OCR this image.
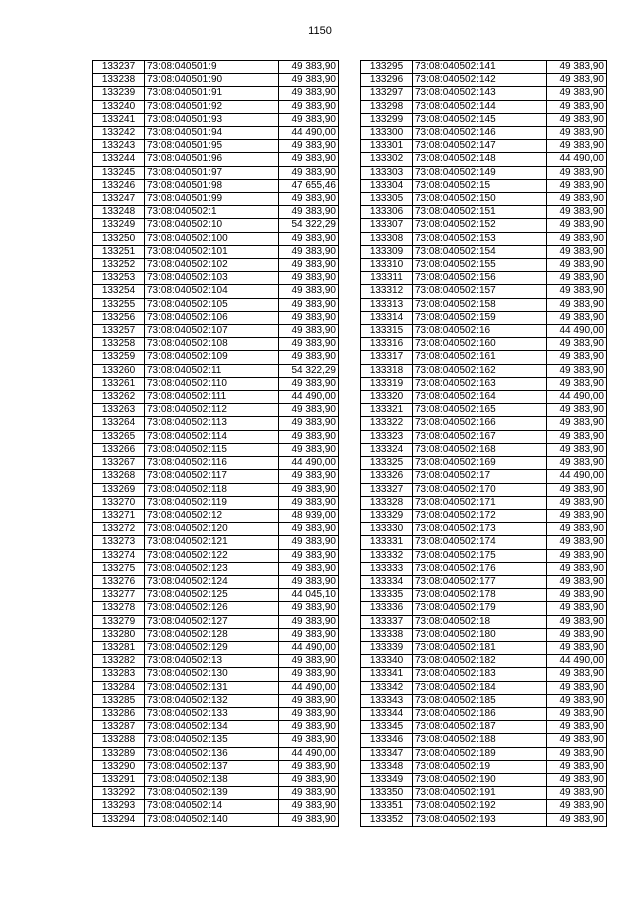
1150
133237	73:08:040501:9	49 383,90
133238	73:08:040501:90	49 383,90
133239	73:08:040501:91	49 383,90
133240	73:08:040501:92	49 383,90
133241	73:08:040501:93	49 383,90
133242	73:08:040501:94	44 490,00
133243	73:08:040501:95	49 383,90
133244	73:08:040501:96	49 383,90
133245	73:08:040501:97	49 383,90
133246	73:08:040501:98	47 655,46
133247	73:08:040501:99	49 383,90
133248	73:08:040502:1	49 383,90
133249	73:08:040502:10	54 322,29
133250	73:08:040502:100	49 383,90
133251	73:08:040502:101	49 383,90
133252	73:08:040502:102	49 383,90
133253	73:08:040502:103	49 383,90
133254	73:08:040502:104	49 383,90
133255	73:08:040502:105	49 383,90
133256	73:08:040502:106	49 383,90
133257	73:08:040502:107	49 383,90
133258	73:08:040502:108	49 383,90
133259	73:08:040502:109	49 383,90
133260	73:08:040502:11	54 322,29
133261	73:08:040502:110	49 383,90
133262	73:08:040502:111	44 490,00
133263	73:08:040502:112	49 383,90
133264	73:08:040502:113	49 383,90
133265	73:08:040502:114	49 383,90
133266	73:08:040502:115	49 383,90
133267	73:08:040502:116	44 490,00
133268	73:08:040502:117	49 383,90
133269	73:08:040502:118	49 383,90
133270	73:08:040502:119	49 383,90
133271	73:08:040502:12	48 939,00
133272	73:08:040502:120	49 383,90
133273	73:08:040502:121	49 383,90
133274	73:08:040502:122	49 383,90
133275	73:08:040502:123	49 383,90
133276	73:08:040502:124	49 383,90
133277	73:08:040502:125	44 045,10
133278	73:08:040502:126	49 383,90
133279	73:08:040502:127	49 383,90
133280	73:08:040502:128	49 383,90
133281	73:08:040502:129	44 490,00
133282	73:08:040502:13	49 383,90
133283	73:08:040502:130	49 383,90
133284	73:08:040502:131	44 490,00
133285	73:08:040502:132	49 383,90
133286	73:08:040502:133	49 383,90
133287	73:08:040502:134	49 383,90
133288	73:08:040502:135	49 383,90
133289	73:08:040502:136	44 490,00
133290	73:08:040502:137	49 383,90
133291	73:08:040502:138	49 383,90
133292	73:08:040502:139	49 383,90
133293	73:08:040502:14	49 383,90
133294	73:08:040502:140	49 383,90
133295	73:08:040502:141	49 383,90
133296	73:08:040502:142	49 383,90
133297	73:08:040502:143	49 383,90
133298	73:08:040502:144	49 383,90
133299	73:08:040502:145	49 383,90
133300	73:08:040502:146	49 383,90
133301	73:08:040502:147	49 383,90
133302	73:08:040502:148	44 490,00
133303	73:08:040502:149	49 383,90
133304	73:08:040502:15	49 383,90
133305	73:08:040502:150	49 383,90
133306	73:08:040502:151	49 383,90
133307	73:08:040502:152	49 383,90
133308	73:08:040502:153	49 383,90
133309	73:08:040502:154	49 383,90
133310	73:08:040502:155	49 383,90
133311	73:08:040502:156	49 383,90
133312	73:08:040502:157	49 383,90
133313	73:08:040502:158	49 383,90
133314	73:08:040502:159	49 383,90
133315	73:08:040502:16	44 490,00
133316	73:08:040502:160	49 383,90
133317	73:08:040502:161	49 383,90
133318	73:08:040502:162	49 383,90
133319	73:08:040502:163	49 383,90
133320	73:08:040502:164	44 490,00
133321	73:08:040502:165	49 383,90
133322	73:08:040502:166	49 383,90
133323	73:08:040502:167	49 383,90
133324	73:08:040502:168	49 383,90
133325	73:08:040502:169	49 383,90
133326	73:08:040502:17	44 490,00
133327	73:08:040502:170	49 383,90
133328	73:08:040502:171	49 383,90
133329	73:08:040502:172	49 383,90
133330	73:08:040502:173	49 383,90
133331	73:08:040502:174	49 383,90
133332	73:08:040502:175	49 383,90
133333	73:08:040502:176	49 383,90
133334	73:08:040502:177	49 383,90
133335	73:08:040502:178	49 383,90
133336	73:08:040502:179	49 383,90
133337	73:08:040502:18	49 383,90
133338	73:08:040502:180	49 383,90
133339	73:08:040502:181	49 383,90
133340	73:08:040502:182	44 490,00
133341	73:08:040502:183	49 383,90
133342	73:08:040502:184	49 383,90
133343	73:08:040502:185	49 383,90
133344	73:08:040502:186	49 383,90
133345	73:08:040502:187	49 383,90
133346	73:08:040502:188	49 383,90
133347	73:08:040502:189	49 383,90
133348	73:08:040502:19	49 383,90
133349	73:08:040502:190	49 383,90
133350	73:08:040502:191	49 383,90
133351	73:08:040502:192	49 383,90
133352	73:08:040502:193	49 383,90
